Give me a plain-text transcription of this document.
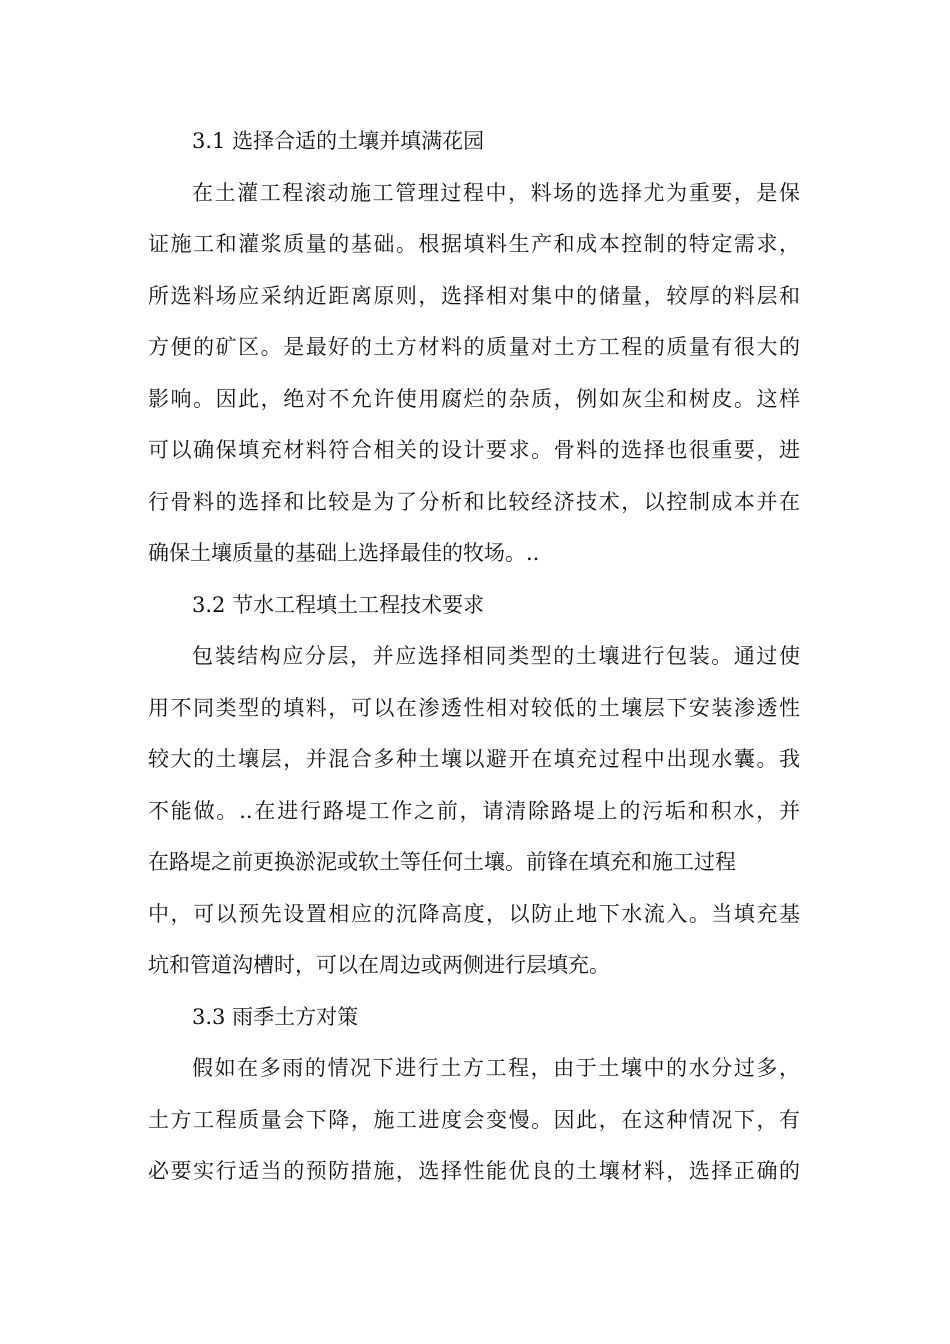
3.1 选择合适的土壤并填满花园
在土灌工程滚动施工管理过程中，料场的选择尤为重要，是保
证施工和灌浆质量的基础。根据填料生产和成本控制的特定需求，
所选料场应采纳近距离原则，选择相对集中的储量，较厚的料层和
方便的矿区。是最好的土方材料的质量对土方工程的质量有很大的
影响。因此，绝对不允许使用腐烂的杂质，例如灰尘和树皮。这样
可以确保填充材料符合相关的设计要求。骨料的选择也很重要，进
行骨料的选择和比较是为了分析和比较经济技术，以控制成本并在
确保土壤质量的基础上选择最佳的牧场。..
3.2 节水工程填土工程技术要求
包装结构应分层，并应选择相同类型的土壤进行包装。通过使
用不同类型的填料，可以在渗透性相对较低的土壤层下安装渗透性
较大的土壤层，并混合多种土壤以避开在填充过程中出现水囊。我
不能做。..在进行路堤工作之前，请清除路堤上的污垢和积水，并
在路堤之前更换淤泥或软土等任何土壤。前锋在填充和施工过程
中，可以预先设置相应的沉降高度，以防止地下水流入。当填充基
坑和管道沟槽时，可以在周边或两侧进行层填充。
3.3 雨季土方对策
假如在多雨的情况下进行土方工程，由于土壤中的水分过多，
土方工程质量会下降，施工进度会变慢。因此，在这种情况下，有
必要实行适当的预防措施，选择性能优良的土壤材料，选择正确的
